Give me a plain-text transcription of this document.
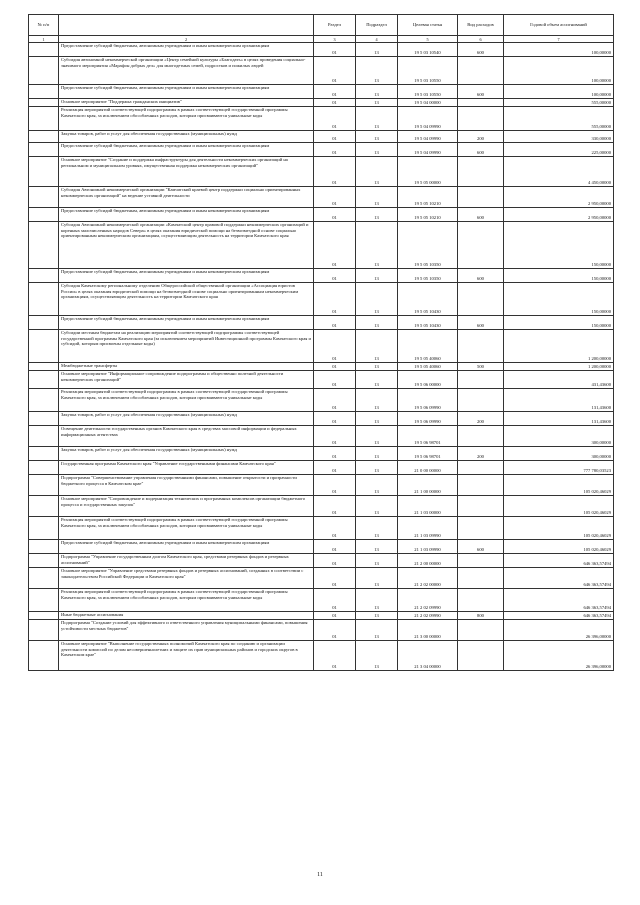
№ п/п		Раздел	Подраздел	Целевая статья	Вид расходов	Годовой объем ассигнований
1	2	3	4	5	6	7
	Предоставление субсидий бюджетным, автономным учреждениям и иным некоммерческим организациям	01	13	19 5 03 10540	600	100,00000
	Субсидия автономной некоммерческой организации «Центр семейной культуры «Благодать» в целях проведения социально-значимого мероприятия «Марафон добрых дел» для многодетных семей, подростков и пожилых людей	01	13	19 5 03 10550		100,00000
	Предоставление субсидий бюджетным, автономным учреждениям и иным некоммерческим организациям	01	13	19 5 03 10550	600	100,00000
	Основное мероприятие "Поддержка гражданских инициатив"	01	13	19 5 04 00000		555,00000
	Реализация мероприятий соответствующей подпрограммы в рамках соответствующей государственной программы Камчатского края, за исключением обособленных расходов, которым присваиваются уникальные коды	01	13	19 5 04 09990		555,00000
	Закупка товаров, работ и услуг для обеспечения государственных (муниципальных) нужд	01	13	19 5 04 09990	200	330,00000
	Предоставление субсидий бюджетным, автономным учреждениям и иным некоммерческим организациям	01	13	19 5 04 09990	600	225,00000
	Основное мероприятие "Создание и поддержка инфраструктуры для деятельности некоммерческих организаций на региональном и муниципальном уровнях, имущественная поддержка некоммерческих организаций"	01	13	19 5 05 00000		4 450,00000
	Субсидия Автономной некоммерческой организации "Камчатский краевой центр поддержки социально ориентированных некоммерческих организаций" на ведение уставной деятельности	01	13	19 5 05 10210		2 950,00000
	Предоставление субсидий бюджетным, автономным учреждениям и иным некоммерческим организациям	01	13	19 5 05 10210	600	2 950,00000
	Субсидия Автономной некоммерческой организации «Камчатский центр правовой поддержки некоммерческих организаций и коренных малочисленных народов Севера» в целях оказания юридической помощи на безвозмездной основе социально ориентированным некоммерческим организациям, осуществляющим деятельность на территории Камчатского края	01	13	19 5 05 10350		150,00000
	Предоставление субсидий бюджетным, автономным учреждениям и иным некоммерческим организациям	01	13	19 5 05 10350	600	150,00000
	Субсидия Камчатскому региональному отделению Общероссийской общественной организации «Ассоциация юристов России» в целях оказания юридической помощи на безвозмездной основе социально ориентированным некоммерческим организациям, осуществляющим деятельность на территории Камчатского края	01	13	19 5 05 10430		150,00000
	Предоставление субсидий бюджетным, автономным учреждениям и иным некоммерческим организациям	01	13	19 5 05 10430	600	150,00000
	Субсидии местным бюджетам на реализацию мероприятий соответствующей подпрограммы соответствующей государственной программы Камчатского края (за исключением мероприятий Инвестиционной программы Камчатского края и субсидий, которым присвоены отдельные коды)	01	13	19 5 05 40060		1 200,00000
	Межбюджетные трансферты	01	13	19 5 05 40060	500	1 200,00000
	Основное мероприятие "Информационное сопровождение подпрограммы и общественно полезной деятельности некоммерческих организаций"	01	13	19 5 06 00000		431,43600
	Реализация мероприятий соответствующей подпрограммы в рамках соответствующей государственной программы Камчатского края, за исключением обособленных расходов, которым присваиваются уникальные коды	01	13	19 5 06 09990		131,43600
	Закупка товаров, работ и услуг для обеспечения государственных (муниципальных) нужд	01	13	19 5 06 09990	200	131,43600
	Освещение деятельности государственных органов Камчатского края в средствах массовой информации и федеральных информационных агентствах	01	13	19 5 06 98701		300,00000
	Закупка товаров, работ и услуг для обеспечения государственных (муниципальных) нужд	01	13	19 5 06 98701	200	300,00000
	Государственная программа Камчатского края "Управление государственными финансами Камчатского края"	01	13	21 0 00 00000		777 780,03523
	Подпрограмма "Совершенствование управления государственными финансами, повышение открытости и прозрачности бюджетного процесса в Камчатском крае"	01	13	21 1 00 00000		105 020,46029
	Основное мероприятие "Сопровождение и модернизация технических и программных комплексов организации бюджетного процесса и государственных закупок"	01	13	21 1 03 00000		105 020,46029
	Реализация мероприятий соответствующей подпрограммы в рамках соответствующей государственной программы Камчатского края, за исключением обособленных расходов, которым присваиваются уникальные коды	01	13	21 1 03 09990		105 020,46029
	Предоставление субсидий бюджетным, автономным учреждениям и иным некоммерческим организациям	01	13	21 1 03 09990	600	105 020,46029
	Подпрограмма "Управление государственным долгом Камчатского края, средствами резервных фондов и резервных ассигнований"	01	13	21 2 00 00000		646 363,57494
	Основное мероприятие "Управление средствами резервных фондов и резервных ассигнований, созданных в соответствии с законодательством Российской Федерации и Камчатского края"	01	13	21 2 02 00000		646 363,57494
	Реализация мероприятий соответствующей подпрограммы в рамках соответствующей государственной программы Камчатского края, за исключением обособленных расходов, которым присваиваются уникальные коды	01	13	21 2 02 09990		646 363,57494
	Иные бюджетные ассигнования	01	13	21 2 02 09990	800	646 363,57494
	Подпрограмма "Создание условий для эффективного и ответственного управления муниципальными финансами, повышения устойчивости местных бюджетов"	01	13	21 3 00 00000		26 396,00000
	Основное мероприятие "Выполнение государственных полномочий Камчатского края по созданию и организации деятельности комиссий по делам несовершеннолетних и защите их прав муниципальных районов и городских округов в Камчатском крае"	01	13	21 3 04 00000		26 396,00000
11
